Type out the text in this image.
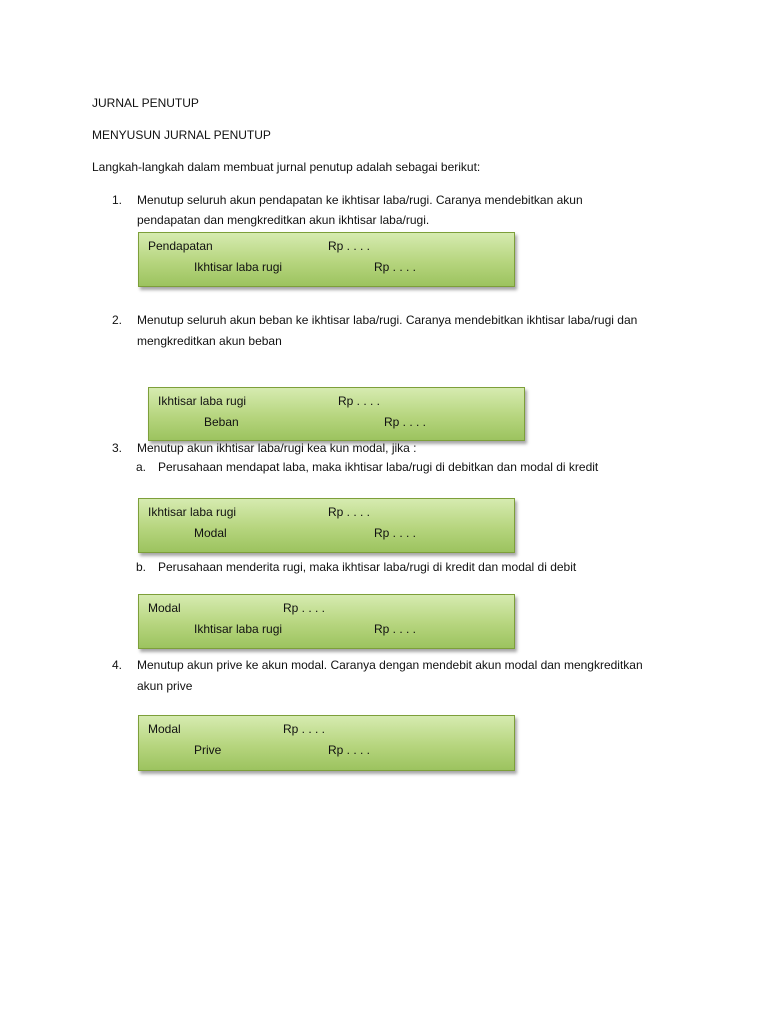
JURNAL PENUTUP
MENYUSUN JURNAL PENUTUP
Langkah-langkah dalam membuat jurnal penutup adalah sebagai berikut:
1. Menutup seluruh akun pendapatan ke ikhtisar laba/rugi. Caranya mendebitkan akun
pendapatan dan mengkreditkan akun ikhtisar laba/rugi.
Pendapatan	Rp . . . .
Ikhtisar laba rugi	Rp . . . .
2. Menutup seluruh akun beban ke ikhtisar laba/rugi. Caranya mendebitkan ikhtisar laba/rugi dan
mengkreditkan akun beban
Ikhtisar laba rugi	Rp . . . .
Beban	Rp . . . .
3. Menutup akun ikhtisar laba/rugi kea kun modal, jika :
a. Perusahaan mendapat laba, maka ikhtisar laba/rugi di debitkan dan modal di kredit
Ikhtisar laba rugi	Rp . . . .
Modal	Rp . . . .
b. Perusahaan menderita rugi, maka ikhtisar laba/rugi di kredit dan modal di debit
Modal	Rp . . . .
Ikhtisar laba rugi	Rp . . . .
4. Menutup akun prive ke akun modal. Caranya dengan mendebit akun modal dan mengkreditkan
akun prive
Modal	Rp . . . .
Prive	Rp . . . .
